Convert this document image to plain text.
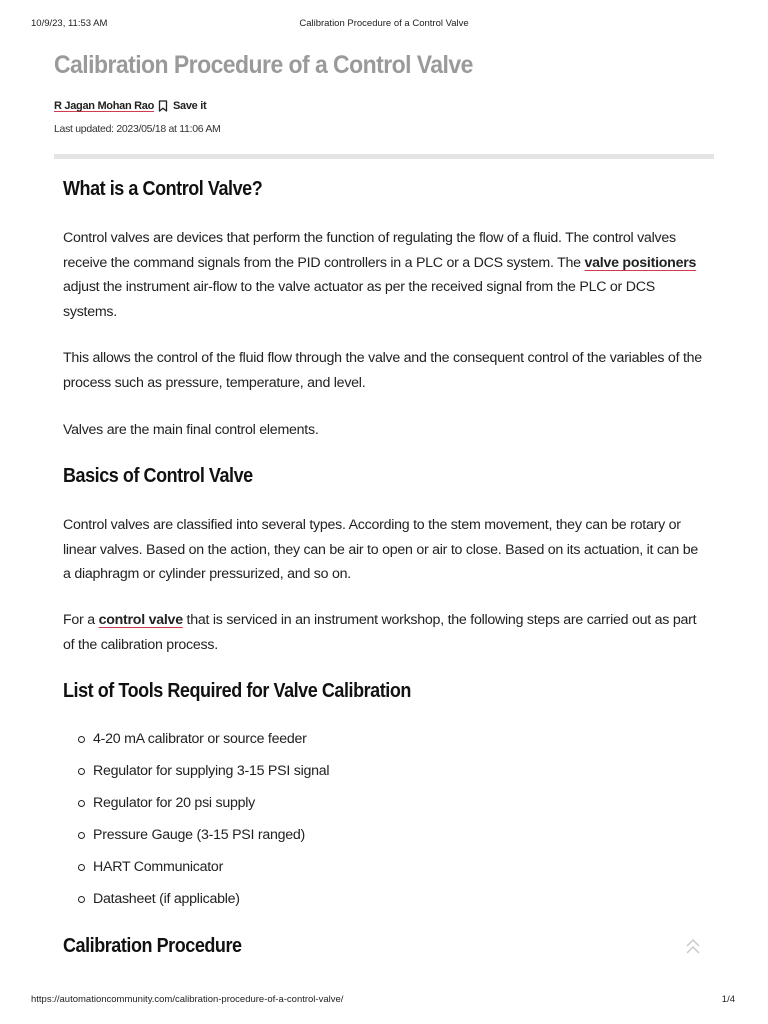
10/9/23, 11:53 AM	Calibration Procedure of a Control Valve
Calibration Procedure of a Control Valve
R Jagan Mohan Rao Save it
Last updated: 2023/05/18 at 11:06 AM
What is a Control Valve?

Control valves are devices that perform the function of regulating the flow of a fluid. The control valves receive the command signals from the PID controllers in a PLC or a DCS system. The valve positioners adjust the instrument air-flow to the valve actuator as per the received signal from the PLC or DCS systems.

This allows the control of the fluid flow through the valve and the consequent control of the variables of the process such as pressure, temperature, and level.

Valves are the main final control elements.

Basics of Control Valve

Control valves are classified into several types. According to the stem movement, they can be rotary or linear valves. Based on the action, they can be air to open or air to close. Based on its actuation, it can be a diaphragm or cylinder pressurized, and so on.

For a control valve that is serviced in an instrument workshop, the following steps are carried out as part of the calibration process.

List of Tools Required for Valve Calibration
4-20 mA calibrator or source feeder
Regulator for supplying 3-15 PSI signal
Regulator for 20 psi supply
Pressure Gauge (3-15 PSI ranged)
HART Communicator
Datasheet (if applicable)
Calibration Procedure
https://automationcommunity.com/calibration-procedure-of-a-control-valve/	1/4
